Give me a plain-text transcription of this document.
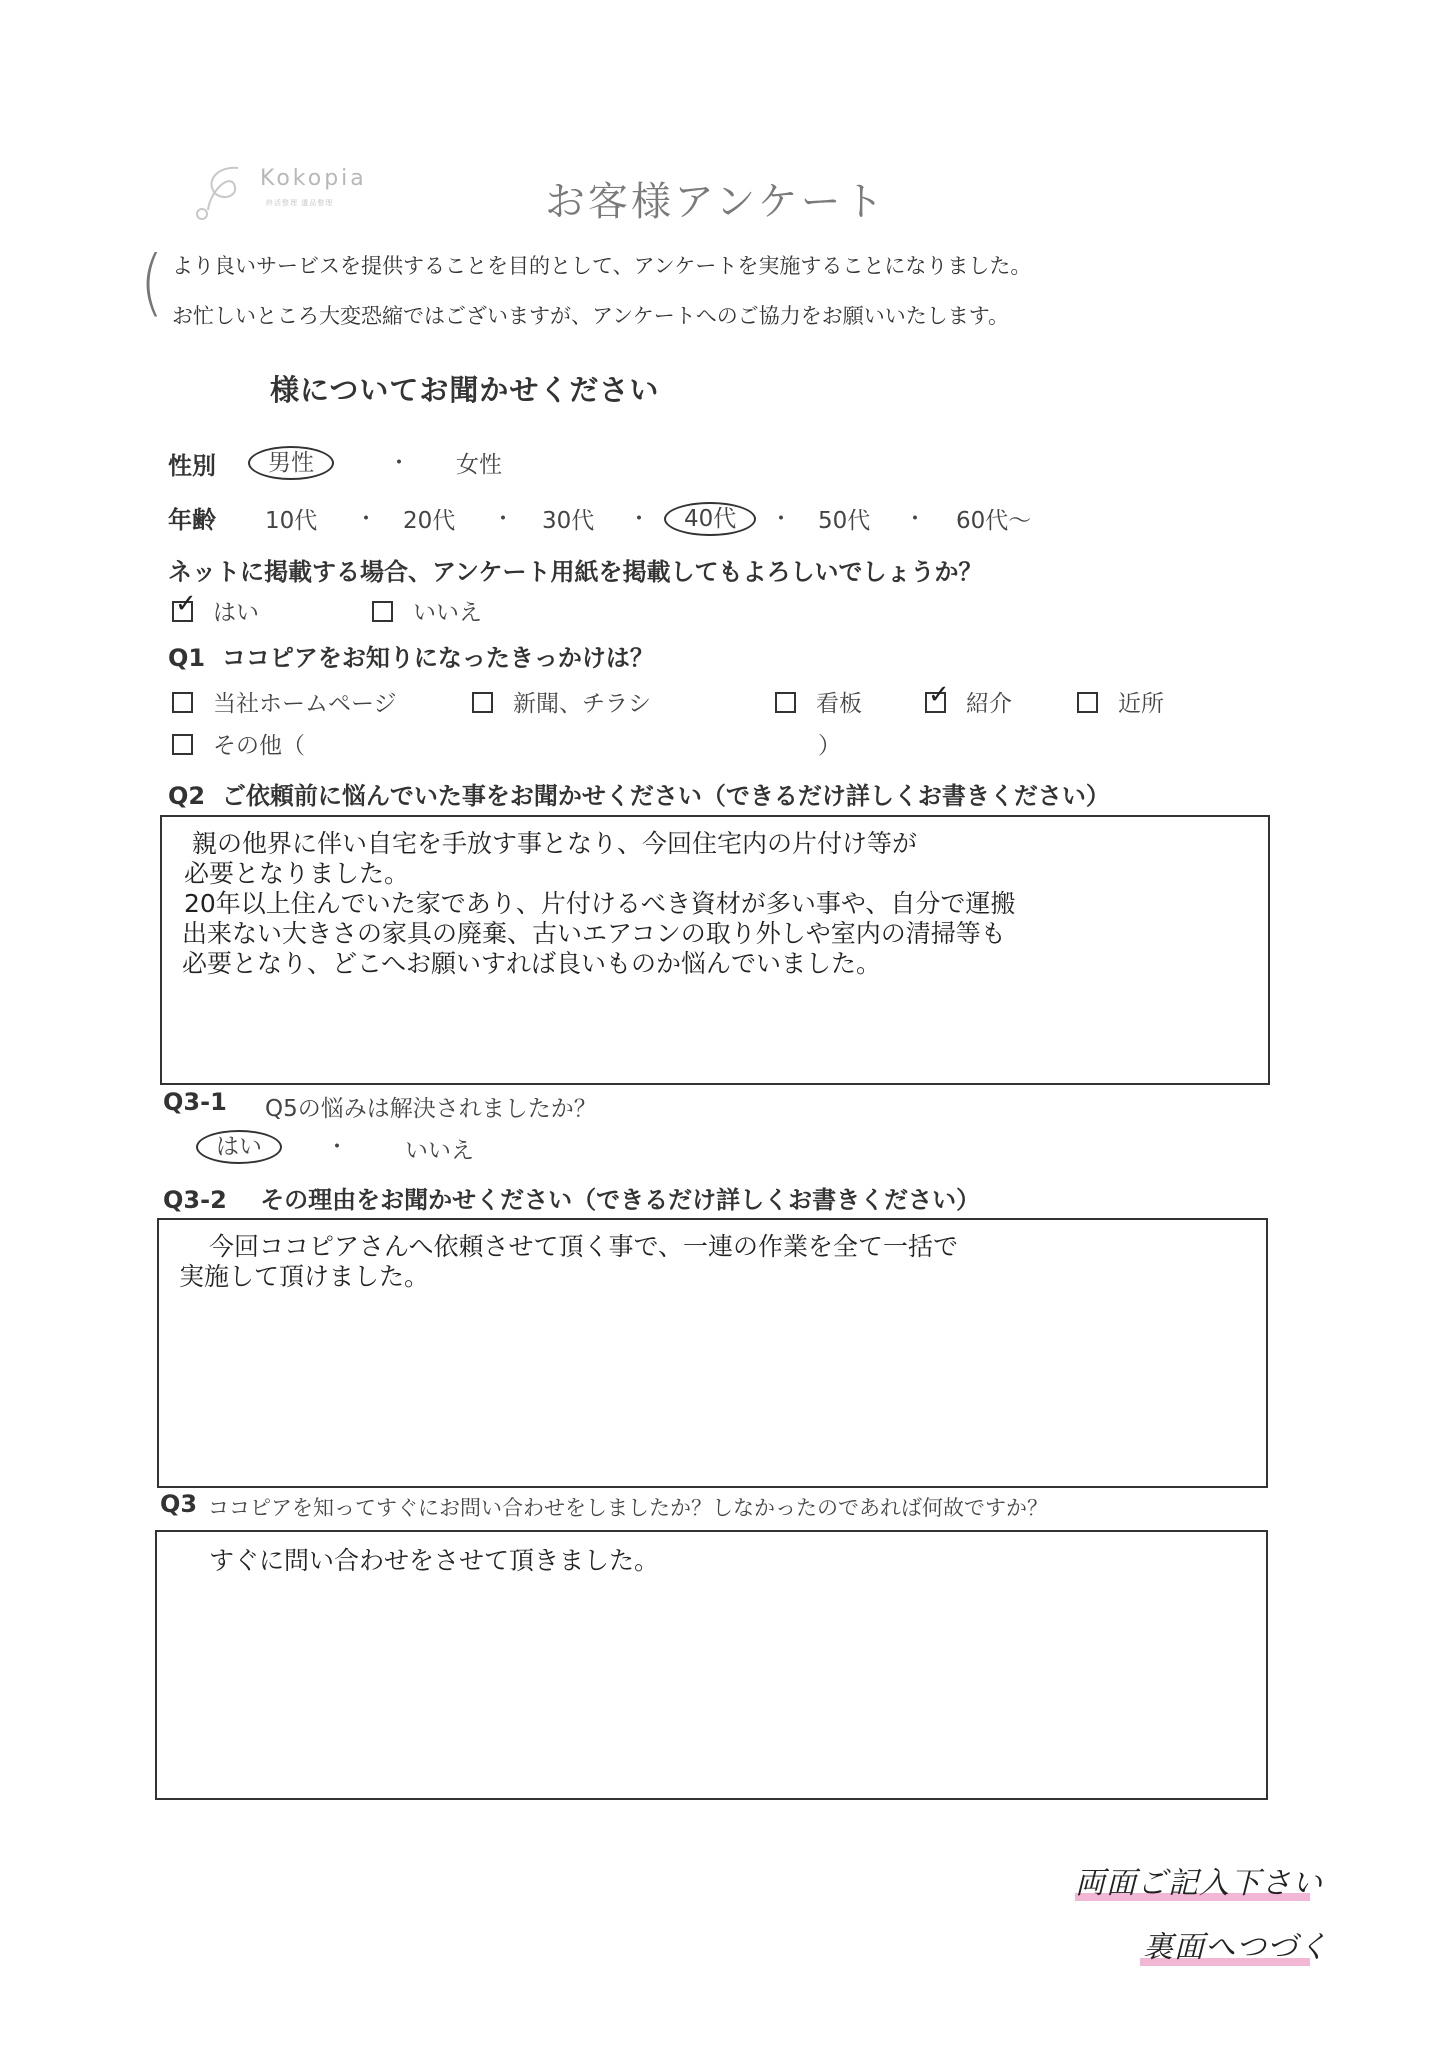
Kokopia
終活整理 遺品整理	お客様アンケート
( より良いサービスを提供することを目的として、アンケートを実施することになりました。
お忙しいところ大変恐縮ではございますが、アンケートへのご協力をお願いいたします。
様についてお聞かせください
性別	男性	・ 女性
年齢 10代 ・ 20代 ・ 30代 ・	40代	・ 50代 ・ 60代～
ネットに掲載する場合、アンケート用紙を掲載してもよろしいでしょうか？
✓ はい	いいえ
Q1 ココピアをお知りになったきっかけは？
当社ホームページ	新聞、チラシ	看板	✓ 紹介	近所
その他（	）
Q2 ご依頼前に悩んでいた事をお聞かせください（できるだけ詳しくお書きください）
親の他界に伴い自宅を手放す事となり、今回住宅内の片付け等が
必要となりました。
20年以上住んでいた家であり、片付けるべき資材が多い事や、自分で運搬
出来ない大きさの家具の廃棄、古いエアコンの取り外しや室内の清掃等も
必要となり、どこへお願いすれば良いものか悩んでいました。
Q3-1 Q5の悩みは解決されましたか？
はい	・ いいえ
Q3-2 その理由をお聞かせください（できるだけ詳しくお書きください）
今回ココピアさんへ依頼させて頂く事で、一連の作業を全て一括で
実施して頂けました。
Q3 ココピアを知ってすぐにお問い合わせをしましたか？しなかったのであれば何故ですか？
すぐに問い合わせをさせて頂きました。
両面ご記入下さい
裏面へつづく
